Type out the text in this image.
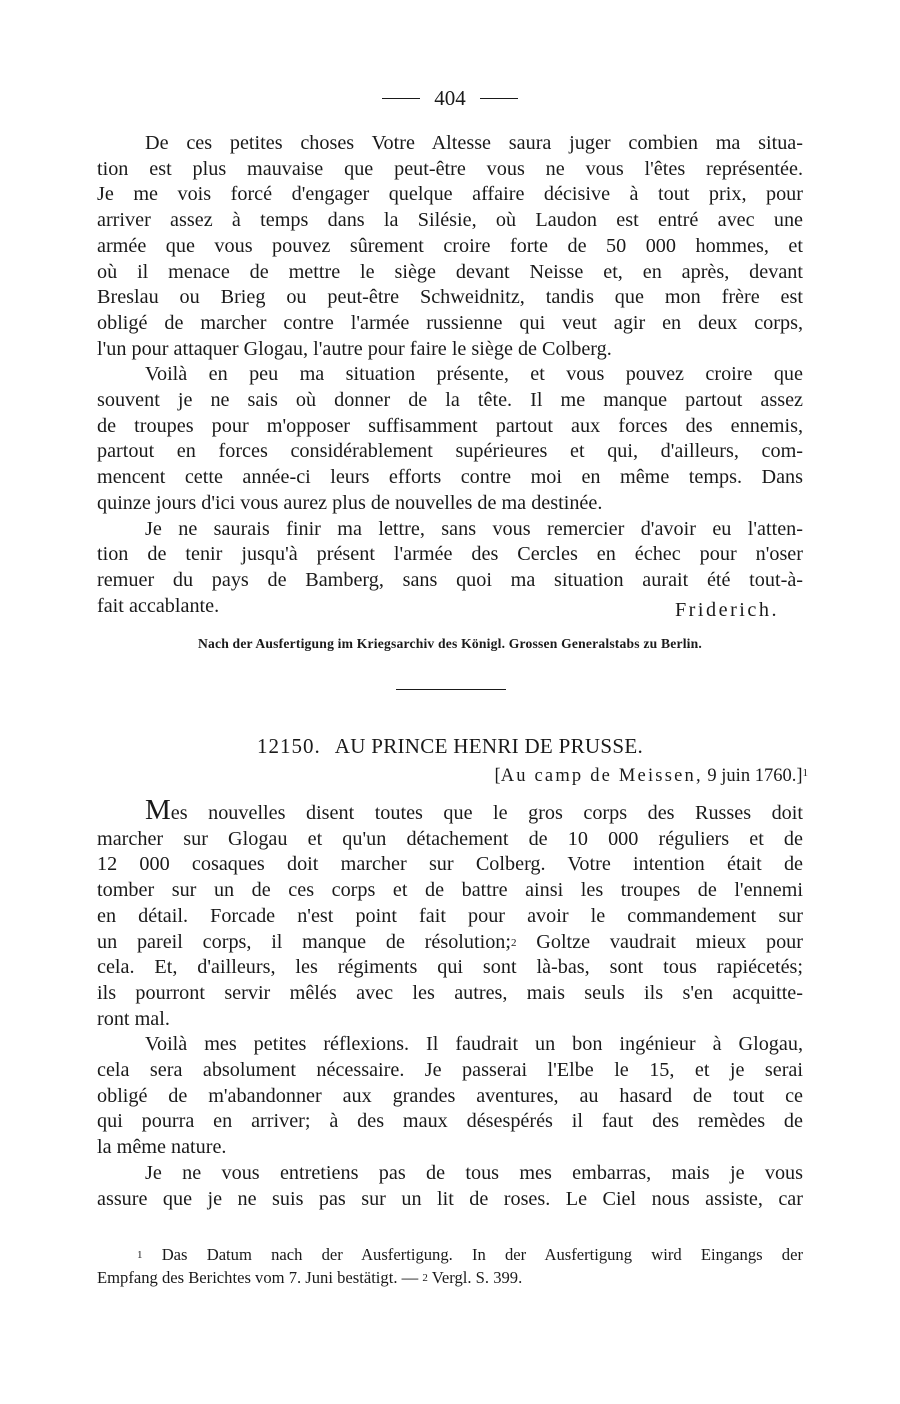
404
De ces petites choses Votre Altesse saura juger combien ma situa-
tion est plus mauvaise que peut-être vous ne vous l'êtes représentée.
Je me vois forcé d'engager quelque affaire décisive à tout prix, pour
arriver assez à temps dans la Silésie, où Laudon est entré avec une
armée que vous pouvez sûrement croire forte de 50 000 hommes, et
où il menace de mettre le siège devant Neisse et, en après, devant
Breslau ou Brieg ou peut-être Schweidnitz, tandis que mon frère est
obligé de marcher contre l'armée russienne qui veut agir en deux corps,
l'un pour attaquer Glogau, l'autre pour faire le siège de Colberg.
Voilà en peu ma situation présente, et vous pouvez croire que
souvent je ne sais où donner de la tête. Il me manque partout assez
de troupes pour m'opposer suffisamment partout aux forces des ennemis,
partout en forces considérablement supérieures et qui, d'ailleurs, com-
mencent cette année-ci leurs efforts contre moi en même temps. Dans
quinze jours d'ici vous aurez plus de nouvelles de ma destinée.
Je ne saurais finir ma lettre, sans vous remercier d'avoir eu l'atten-
tion de tenir jusqu'à présent l'armée des Cercles en échec pour n'oser
remuer du pays de Bamberg, sans quoi ma situation aurait été tout-à-
fait accablante.	Friderich.
Nach der Ausfertigung im Kriegsarchiv des Königl. Grossen Generalstabs zu Berlin.
12150. AU PRINCE HENRI DE PRUSSE.
[Au camp de Meissen, 9 juin 1760.]$^1$
Mes nouvelles disent toutes que le gros corps des Russes doit
marcher sur Glogau et qu'un détachement de 10 000 réguliers et de
12 000 cosaques doit marcher sur Colberg. Votre intention était de
tomber sur un de ces corps et de battre ainsi les troupes de l'ennemi
en détail. Forcade n'est point fait pour avoir le commandement sur
un pareil corps, il manque de résolution;$^2$ Goltze vaudrait mieux pour
cela. Et, d'ailleurs, les régiments qui sont là-bas, sont tous rapiécetés;
ils pourront servir mêlés avec les autres, mais seuls ils s'en acquitte-
ront mal.
Voilà mes petites réflexions. Il faudrait un bon ingénieur à Glogau,
cela sera absolument nécessaire. Je passerai l'Elbe le 15, et je serai
obligé de m'abandonner aux grandes aventures, au hasard de tout ce
qui pourra en arriver; à des maux désespérés il faut des remèdes de
la même nature.
Je ne vous entretiens pas de tous mes embarras, mais je vous
assure que je ne suis pas sur un lit de roses. Le Ciel nous assiste, car
$^1$ Das Datum nach der Ausfertigung. In der Ausfertigung wird Eingangs der
Empfang des Berichtes vom 7. Juni bestätigt. — $^2$ Vergl. S. 399.
